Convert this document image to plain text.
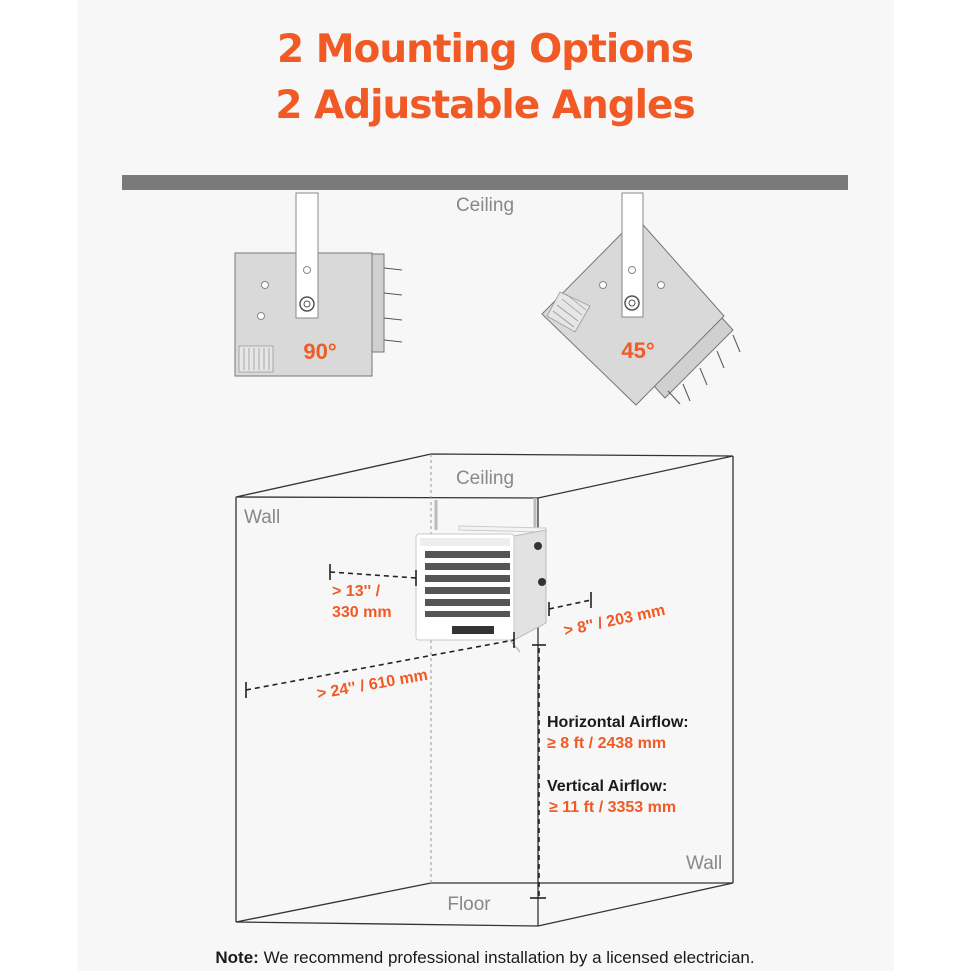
2 Mounting Options
2 Adjustable Angles
Ceiling
90°	45°
Ceiling
Wall
Wall
Floor
> 13'' /
330 mm
> 24'' / 610 mm
> 8'' / 203 mm
Horizontal Airflow:
≥ 8 ft / 2438 mm
Vertical Airflow:
≥ 11 ft / 3353 mm
Note: We recommend professional installation by a licensed electrician.
